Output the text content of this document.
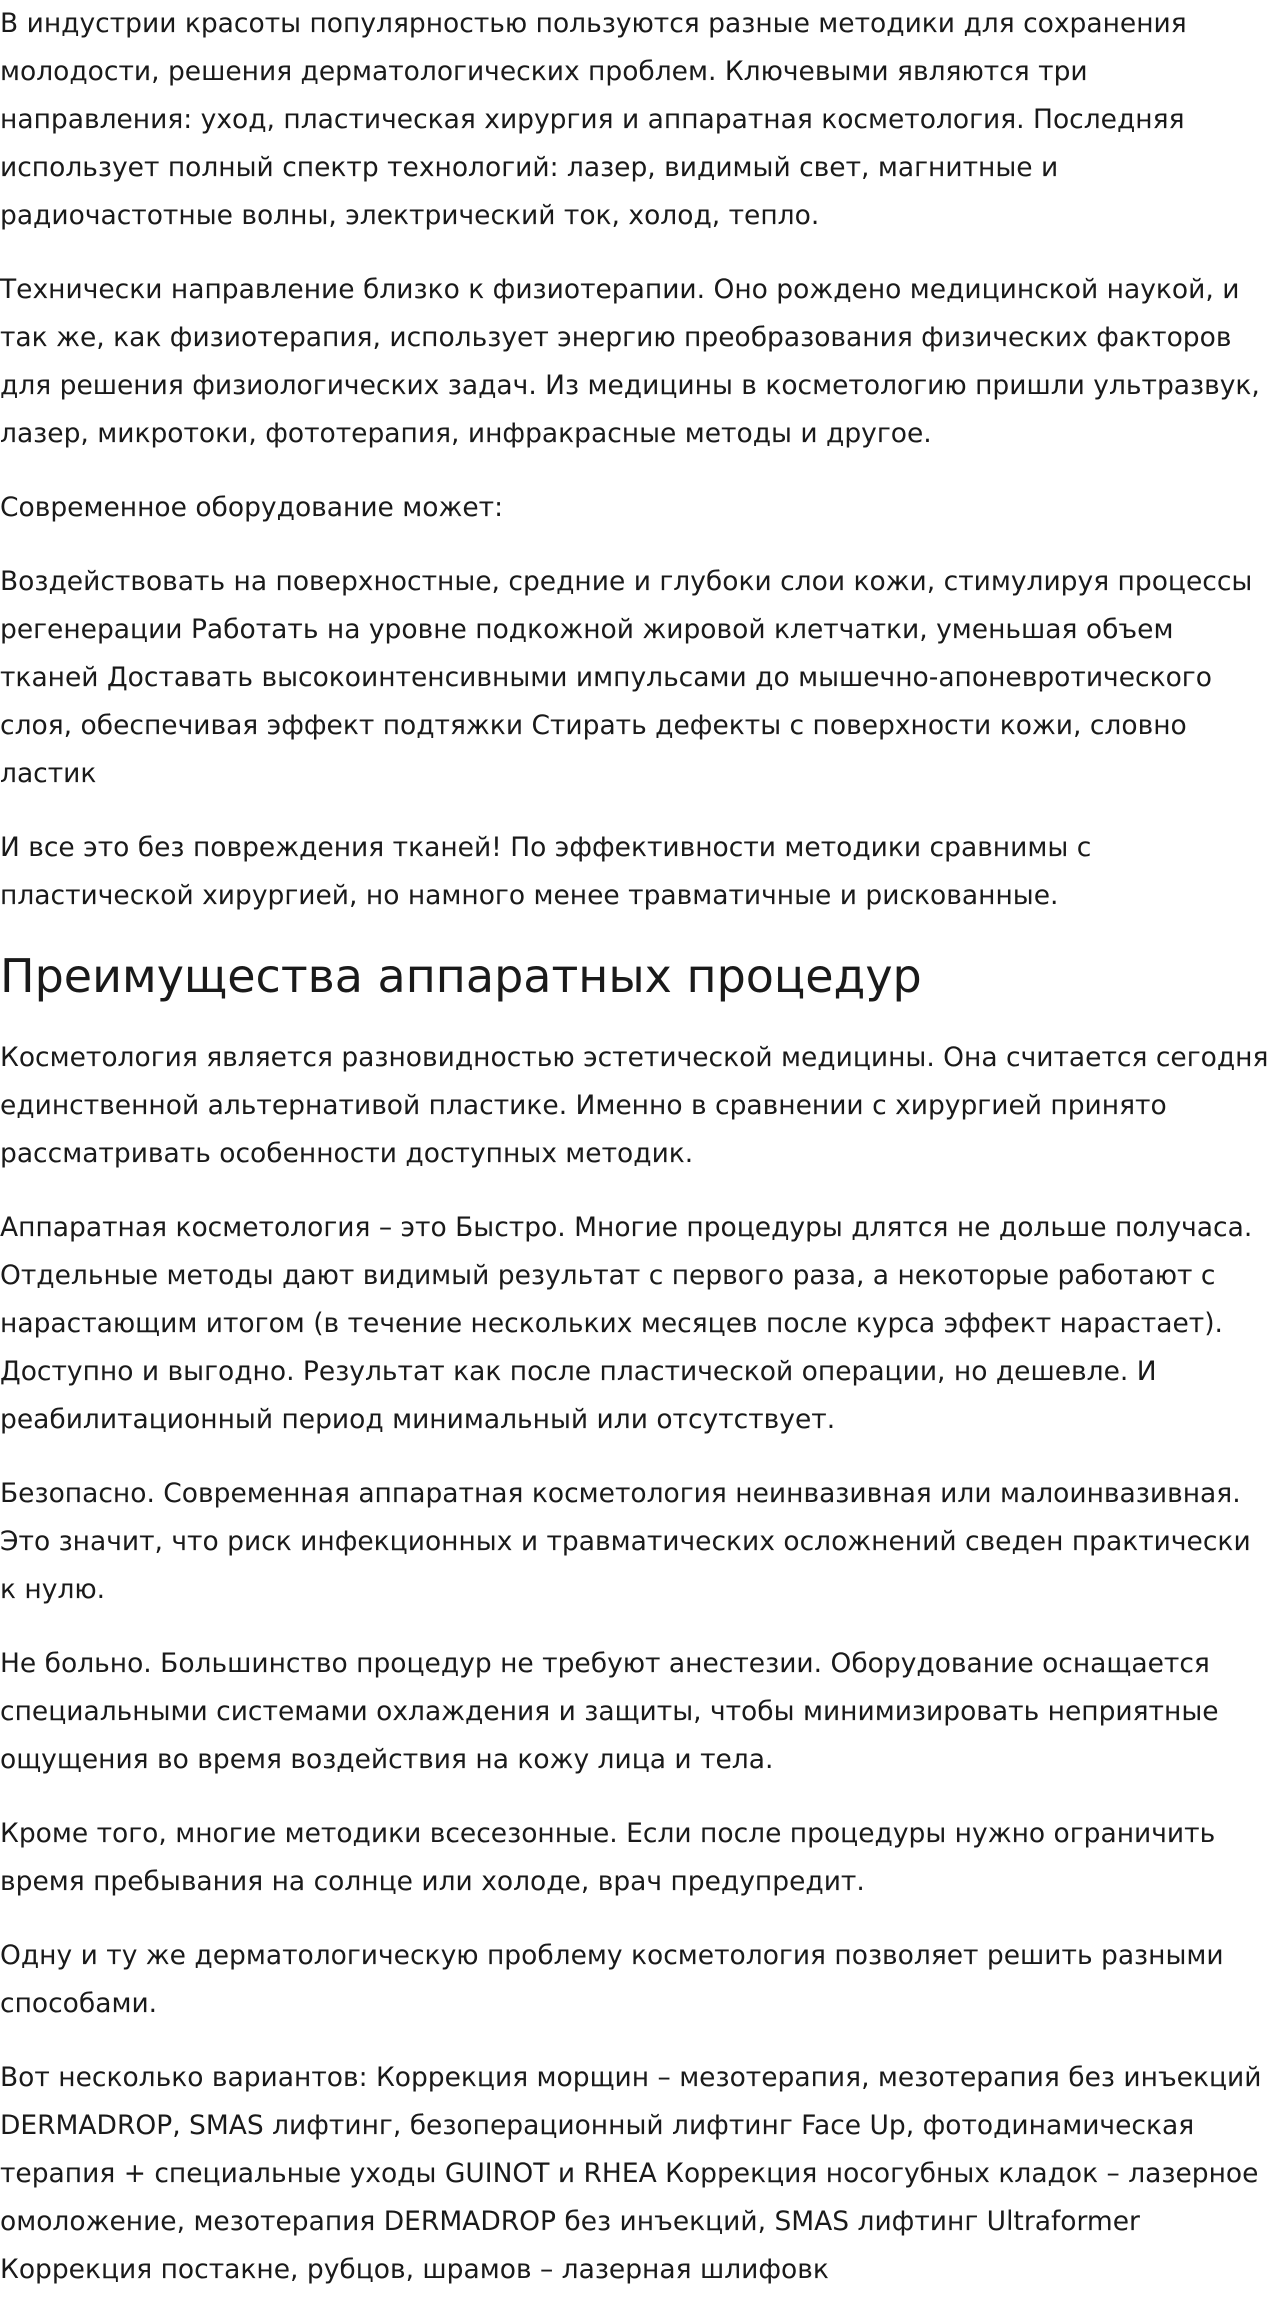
В индустрии красоты популярностью пользуются разные методики для сохранения молодости, решения дерматологических проблем. Ключевыми являются три направления: уход, пластическая хирургия и аппаратная косметология. Последняя использует полный спектр технологий: лазер, видимый свет, магнитные и радиочастотные волны, электрический ток, холод, тепло.

Технически направление близко к физиотерапии. Оно рождено медицинской наукой, и так же, как физиотерапия, использует энергию преобразования физических факторов для решения физиологических задач. Из медицины в косметологию пришли ультразвук, лазер, микротоки, фототерапия, инфракрасные методы и другое.

Современное оборудование может:

Воздействовать на поверхностные, средние и глубоки слои кожи, стимулируя процессы регенерации Работать на уровне подкожной жировой клетчатки, уменьшая объем тканей Доставать высокоинтенсивными импульсами до мышечно-апоневротического слоя, обеспечивая эффект подтяжки Стирать дефекты с поверхности кожи, словно ластик

И все это без повреждения тканей! По эффективности методики сравнимы с пластической хирургией, но намного менее травматичные и рискованные.

Преимущества аппаратных процедур

Косметология является разновидностью эстетической медицины. Она считается сегодня единственной альтернативой пластике. Именно в сравнении с хирургией принято рассматривать особенности доступных методик.

Аппаратная косметология – это Быстро. Многие процедуры длятся не дольше получаса. Отдельные методы дают видимый результат с первого раза, а некоторые работают с нарастающим итогом (в течение нескольких месяцев после курса эффект нарастает). Доступно и выгодно. Результат как после пластической операции, но дешевле. И реабилитационный период минимальный или отсутствует.

Безопасно. Современная аппаратная косметология неинвазивная или малоинвазивная. Это значит, что риск инфекционных и травматических осложнений сведен практически к нулю.

Не больно. Большинство процедур не требуют анестезии. Оборудование оснащается специальными системами охлаждения и защиты, чтобы минимизировать неприятные ощущения во время воздействия на кожу лица и тела.

Кроме того, многие методики всесезонные. Если после процедуры нужно ограничить время пребывания на солнце или холоде, врач предупредит.

Одну и ту же дерматологическую проблему косметология позволяет решить разными способами.

Вот несколько вариантов: Коррекция морщин – мезотерапия, мезотерапия без инъекций DERMADROP, SMAS лифтинг, безоперационный лифтинг Face Up, фотодинамическая терапия + специальные уходы GUINOT и RHEA Коррекция носогубных кладок – лазерное омоложение, мезотерапия DERMADROP без инъекций, SMAS лифтинг Ultraformer Коррекция постакне, рубцов, шрамов – лазерная шлифовк
